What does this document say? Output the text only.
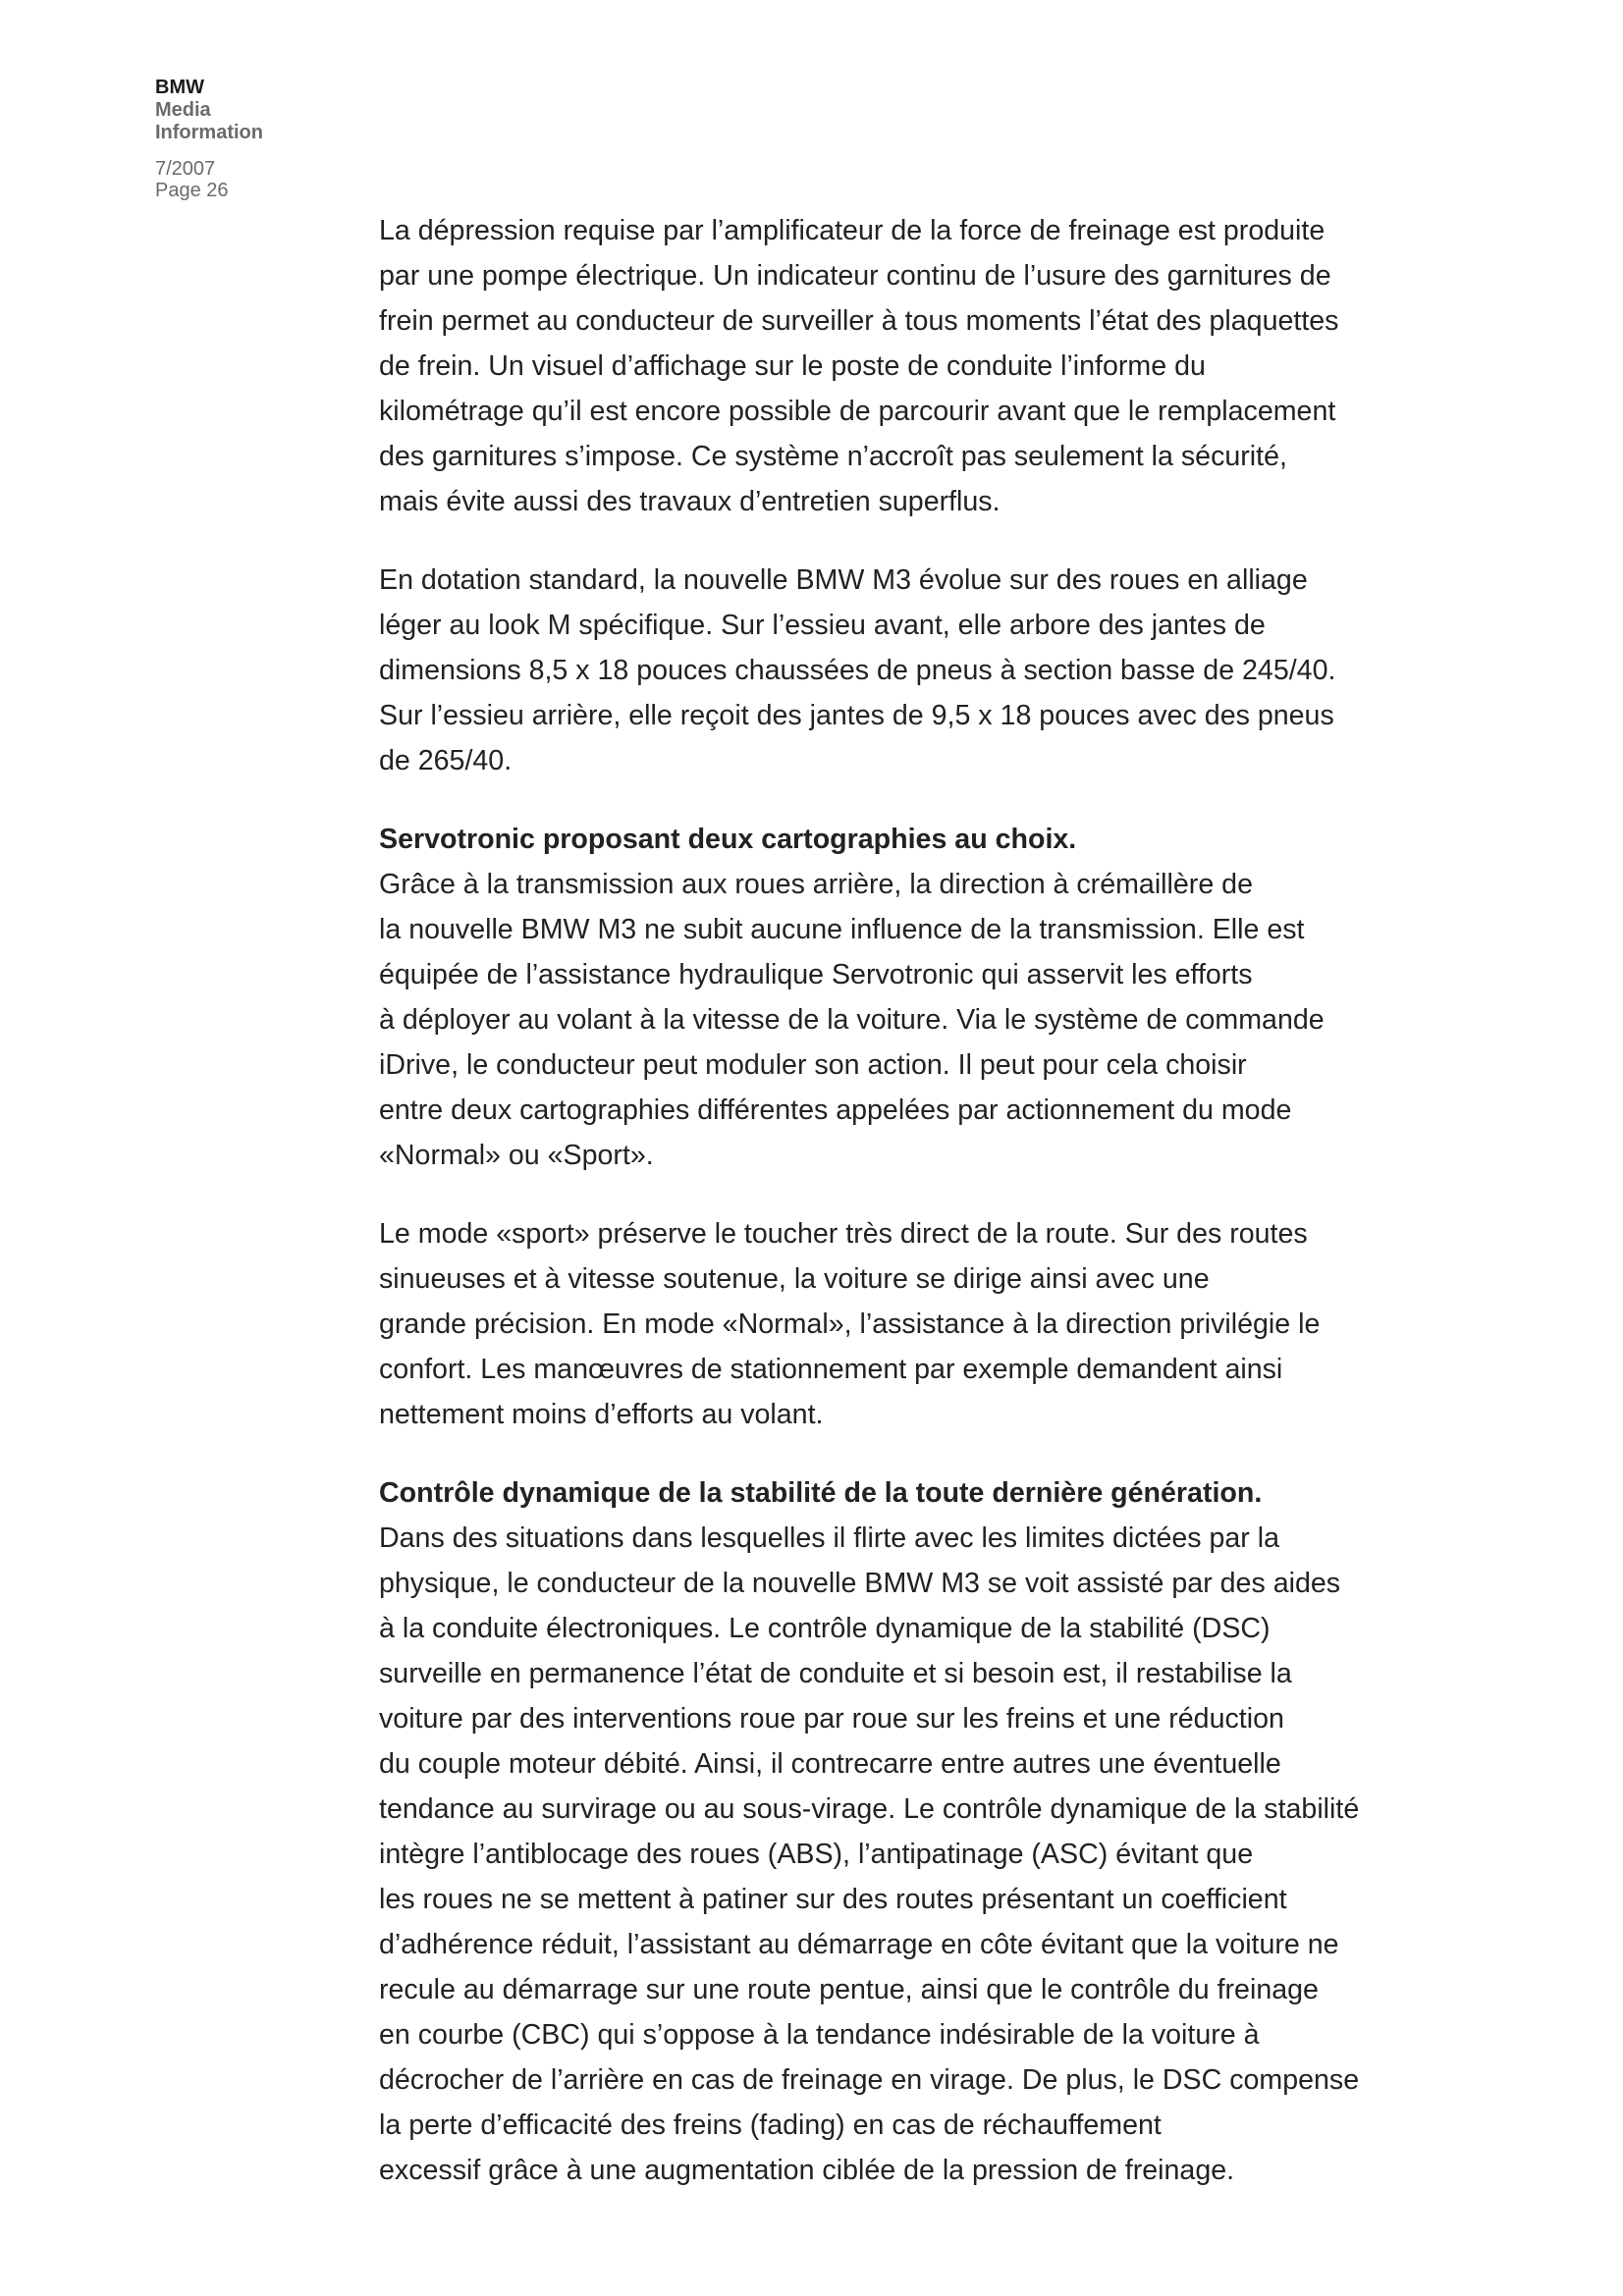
BMW
Media
Information
7/2007
Page 26
La dépression requise par l’amplificateur de la force de freinage est produite
par une pompe électrique. Un indicateur continu de l’usure des garnitures de
frein permet au conducteur de surveiller à tous moments l’état des plaquettes
de frein. Un visuel d’affichage sur le poste de conduite l’informe du
kilométrage qu’il est encore possible de parcourir avant que le remplacement
des garnitures s’impose. Ce système n’accroît pas seulement la sécurité,
mais évite aussi des travaux d’entretien superflus.
En dotation standard, la nouvelle BMW M3 évolue sur des roues en alliage
léger au look M spécifique. Sur l’essieu avant, elle arbore des jantes de
dimensions 8,5 x 18 pouces chaussées de pneus à section basse de 245/40.
Sur l’essieu arrière, elle reçoit des jantes de 9,5 x 18 pouces avec des pneus
de 265/40.
Servotronic proposant deux cartographies au choix.
Grâce à la transmission aux roues arrière, la direction à crémaillère de
la nouvelle BMW M3 ne subit aucune influence de la transmission. Elle est
équipée de l’assistance hydraulique Servotronic qui asservit les efforts
à déployer au volant à la vitesse de la voiture. Via le système de commande
iDrive, le conducteur peut moduler son action. Il peut pour cela choisir
entre deux cartographies différentes appelées par actionnement du mode
«Normal» ou «Sport».
Le mode «sport» préserve le toucher très direct de la route. Sur des routes
sinueuses et à vitesse soutenue, la voiture se dirige ainsi avec une
grande précision. En mode «Normal», l’assistance à la direction privilégie le
confort. Les manœuvres de stationnement par exemple demandent ainsi
nettement moins d’efforts au volant.
Contrôle dynamique de la stabilité de la toute dernière génération.
Dans des situations dans lesquelles il flirte avec les limites dictées par la
physique, le conducteur de la nouvelle BMW M3 se voit assisté par des aides
à la conduite électroniques. Le contrôle dynamique de la stabilité (DSC)
surveille en permanence l’état de conduite et si besoin est, il restabilise la
voiture par des interventions roue par roue sur les freins et une réduction
du couple moteur débité. Ainsi, il contrecarre entre autres une éventuelle
tendance au survirage ou au sous-virage. Le contrôle dynamique de la stabilité
intègre l’antiblocage des roues (ABS), l’antipatinage (ASC) évitant que
les roues ne se mettent à patiner sur des routes présentant un coefficient
d’adhérence réduit, l’assistant au démarrage en côte évitant que la voiture ne
recule au démarrage sur une route pentue, ainsi que le contrôle du freinage
en courbe (CBC) qui s’oppose à la tendance indésirable de la voiture à
décrocher de l’arrière en cas de freinage en virage. De plus, le DSC compense
la perte d’efficacité des freins (fading) en cas de réchauffement
excessif grâce à une augmentation ciblée de la pression de freinage.
